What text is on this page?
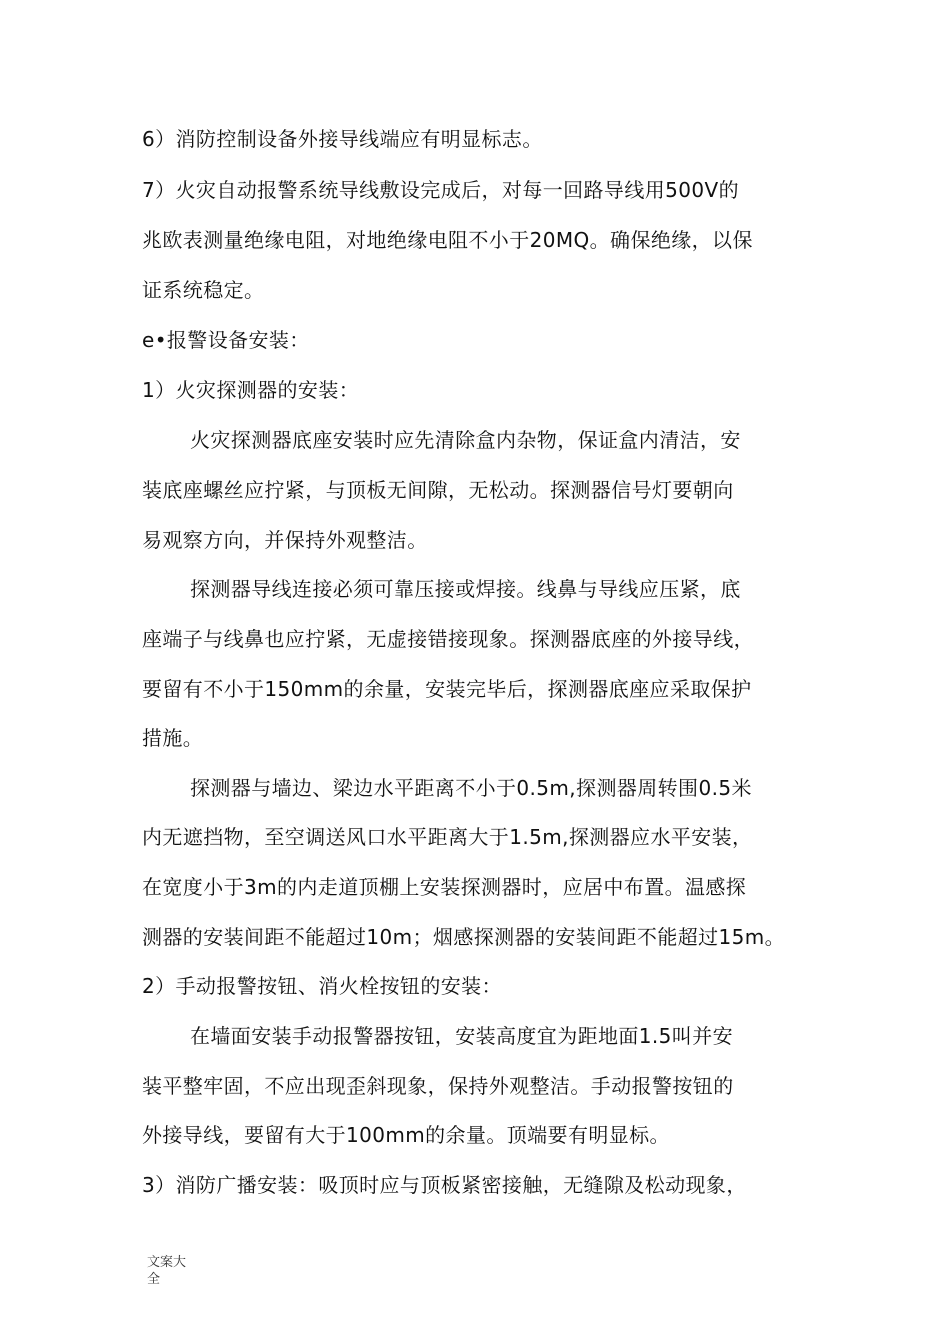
6）消防控制设备外接导线端应有明显标志。
7）火灾自动报警系统导线敷设完成后，对每一回路导线用500V的
兆欧表测量绝缘电阻，对地绝缘电阻不小于20MQ。确保绝缘，以保
证系统稳定。
e•报警设备安装：
1）火灾探测器的安装：
火灾探测器底座安装时应先清除盒内杂物，保证盒内清洁，安
装底座螺丝应拧紧，与顶板无间隙，无松动。探测器信号灯要朝向
易观察方向，并保持外观整洁。
探测器导线连接必须可靠压接或焊接。线鼻与导线应压紧，底
座端子与线鼻也应拧紧，无虚接错接现象。探测器底座的外接导线，
要留有不小于150mm的余量，安装完毕后，探测器底座应采取保护
措施。
探测器与墙边、梁边水平距离不小于0.5m,探测器周转围0.5米
内无遮挡物，至空调送风口水平距离大于1.5m,探测器应水平安装，
在宽度小于3m的内走道顶棚上安装探测器时，应居中布置。温感探
测器的安装间距不能超过10m；烟感探测器的安装间距不能超过15m。
2）手动报警按钮、消火栓按钮的安装：
在墙面安装手动报警器按钮，安装高度宜为距地面1.5叫并安
装平整牢固，不应出现歪斜现象，保持外观整洁。手动报警按钮的
外接导线，要留有大于100mm的余量。顶端要有明显标。
3）消防广播安装：吸顶时应与顶板紧密接触，无缝隙及松动现象，
文案大
全
